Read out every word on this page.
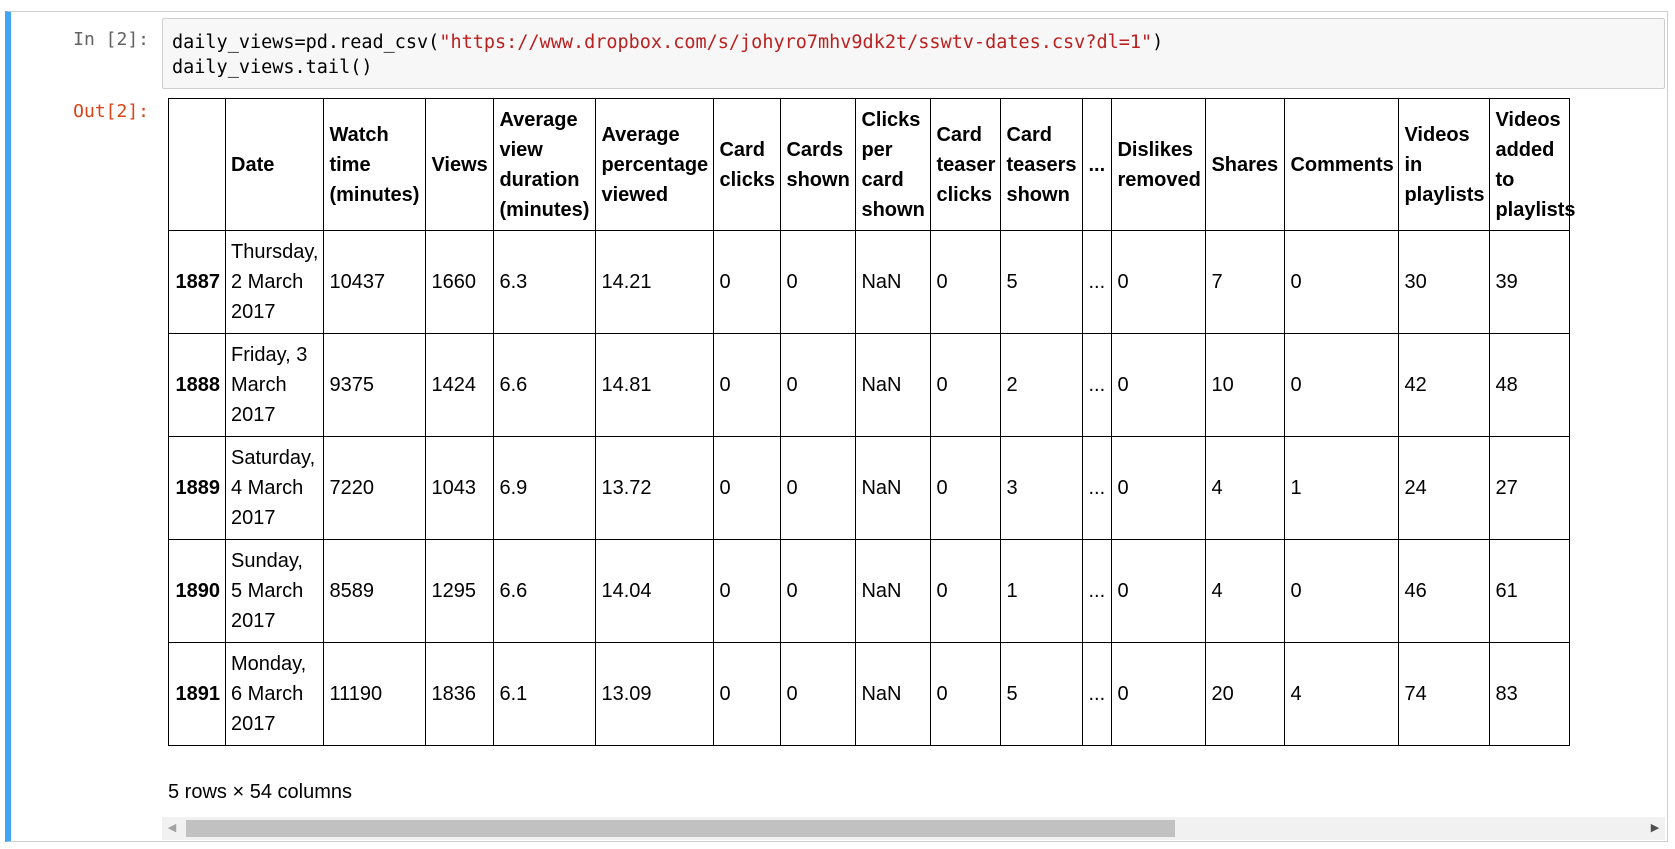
In [2]: daily_views=pd.read_csv("https://www.dropbox.com/s/johyro7mhv9dk2t/sswtv-dates.csv?dl=1")
daily_views.tail()
Out[2]:
	Date	Watch time (minutes)	Views	Average view duration (minutes)	Average percentage viewed	Card clicks	Cards shown	Clicks per card shown	Card teaser clicks	Card teasers shown	...	Dislikes removed	Shares	Comments	Videos in playlists	Videos added to playlists
1887	Thursday, 2 March 2017	10437	1660	6.3	14.21	0	0	NaN	0	5	...	0	7	0	30	39
1888	Friday, 3 March 2017	9375	1424	6.6	14.81	0	0	NaN	0	2	...	0	10	0	42	48
1889	Saturday, 4 March 2017	7220	1043	6.9	13.72	0	0	NaN	0	3	...	0	4	1	24	27
1890	Sunday, 5 March 2017	8589	1295	6.6	14.04	0	0	NaN	0	1	...	0	4	0	46	61
1891	Monday, 6 March 2017	11190	1836	6.1	13.09	0	0	NaN	0	5	...	0	20	4	74	83
5 rows × 54 columns
◀	▶
